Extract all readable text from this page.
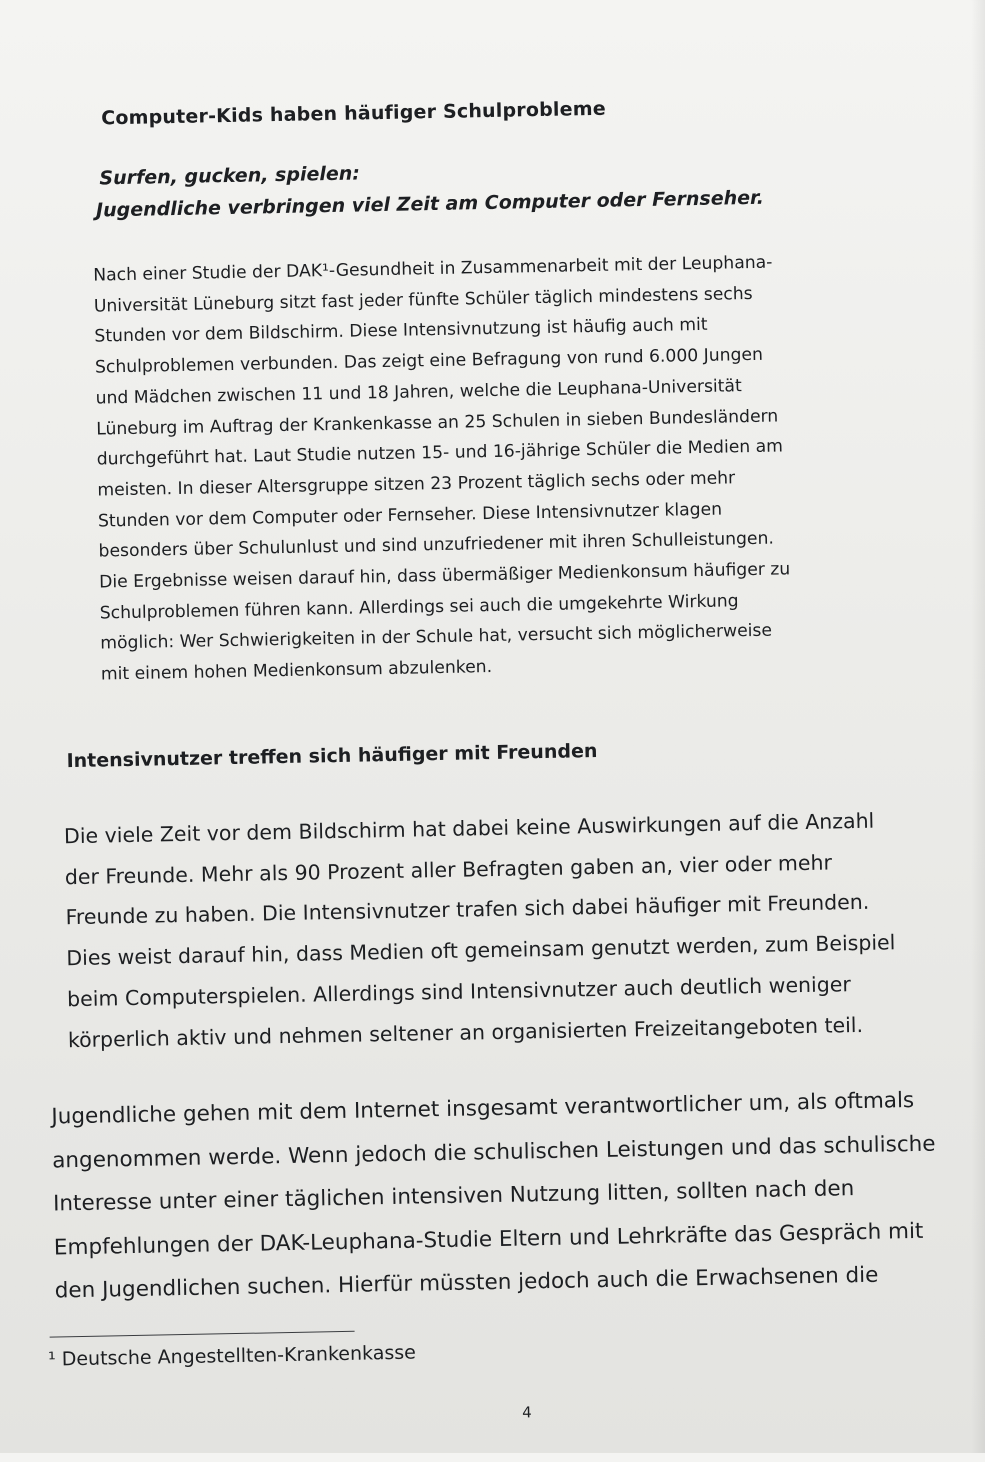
Computer-Kids haben häufiger Schulprobleme
Surfen, gucken, spielen:
Jugendliche verbringen viel Zeit am Computer oder Fernseher.
Nach einer Studie der DAK¹-Gesundheit in Zusammenarbeit mit der Leuphana-
Universität Lüneburg sitzt fast jeder fünfte Schüler täglich mindestens sechs
Stunden vor dem Bildschirm. Diese Intensivnutzung ist häufig auch mit
Schulproblemen verbunden. Das zeigt eine Befragung von rund 6.000 Jungen
und Mädchen zwischen 11 und 18 Jahren, welche die Leuphana-Universität
Lüneburg im Auftrag der Krankenkasse an 25 Schulen in sieben Bundesländern
durchgeführt hat. Laut Studie nutzen 15- und 16-jährige Schüler die Medien am
meisten. In dieser Altersgruppe sitzen 23 Prozent täglich sechs oder mehr
Stunden vor dem Computer oder Fernseher. Diese Intensivnutzer klagen
besonders über Schulunlust und sind unzufriedener mit ihren Schulleistungen.
Die Ergebnisse weisen darauf hin, dass übermäßiger Medienkonsum häufiger zu
Schulproblemen führen kann. Allerdings sei auch die umgekehrte Wirkung
möglich: Wer Schwierigkeiten in der Schule hat, versucht sich möglicherweise
mit einem hohen Medienkonsum abzulenken.
Intensivnutzer treffen sich häufiger mit Freunden
Die viele Zeit vor dem Bildschirm hat dabei keine Auswirkungen auf die Anzahl
der Freunde. Mehr als 90 Prozent aller Befragten gaben an, vier oder mehr
Freunde zu haben. Die Intensivnutzer trafen sich dabei häufiger mit Freunden.
Dies weist darauf hin, dass Medien oft gemeinsam genutzt werden, zum Beispiel
beim Computerspielen. Allerdings sind Intensivnutzer auch deutlich weniger
körperlich aktiv und nehmen seltener an organisierten Freizeitangeboten teil.
Jugendliche gehen mit dem Internet insgesamt verantwortlicher um, als oftmals
angenommen werde. Wenn jedoch die schulischen Leistungen und das schulische
Interesse unter einer täglichen intensiven Nutzung litten, sollten nach den
Empfehlungen der DAK-Leuphana-Studie Eltern und Lehrkräfte das Gespräch mit
den Jugendlichen suchen. Hierfür müssten jedoch auch die Erwachsenen die
¹ Deutsche Angestellten-Krankenkasse
4
